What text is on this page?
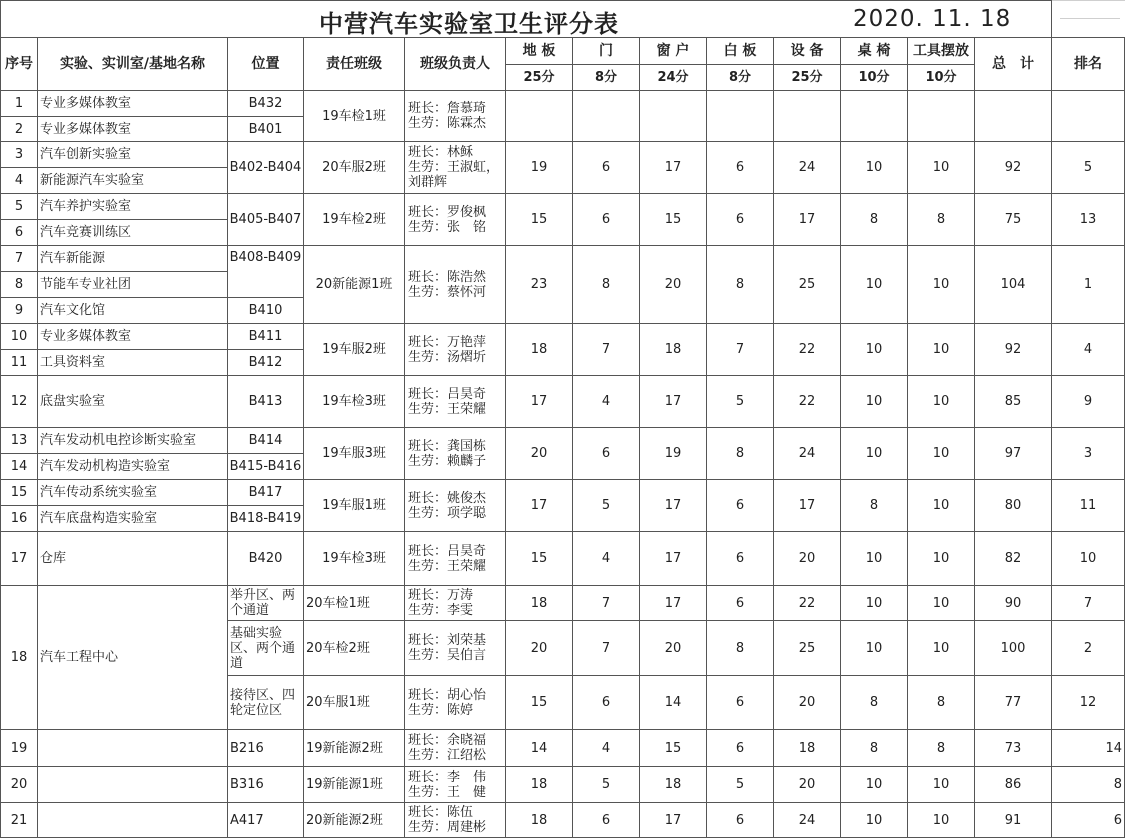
中营汽车实验室卫生评分表	2020. 11. 18
序号	实验、实训室/基地名称	位置	责任班级	班级负责人	地 板	门	窗 户	白 板	设 备	桌 椅	工具摆放	总　计	排名
					25分	8分	24分	8分	25分	10分	10分		
1	专业多媒体教室	B432	19车检1班	班长：詹慕琦
生劳：陈霖杰									
2	专业多媒体教室	B401											
3	汽车创新实验室	B402-B404	20车服2班	班长：林稣
生劳：王淑虹，刘群辉	19	6	17	6	24	10	10	92	5
4	新能源汽车实验室												
5	汽车养护实验室	B405-B407	19车检2班	班长：罗俊枫
生劳：张　铭	15	6	15	6	17	8	8	75	13
6	汽车竞赛训练区												
7	汽车新能源	B408-B409	20新能源1班	班长：陈浩然
生劳：蔡怀河	23	8	20	8	25	10	10	104	1
8	节能车专业社团												
9	汽车文化馆	B410											
10	专业多媒体教室	B411	19车服2班	班长：万艳萍
生劳：汤熠圻	18	7	18	7	22	10	10	92	4
11	工具资料室	B412											
12	底盘实验室	B413	19车检3班	班长：吕昊奇
生劳：王荣耀	17	4	17	5	22	10	10	85	9
13	汽车发动机电控诊断实验室	B414	19车服3班	班长：龚国栋
生劳：赖麟子	20	6	19	8	24	10	10	97	3
14	汽车发动机构造实验室	B415-B416											
15	汽车传动系统实验室	B417	19车服1班	班长：姚俊杰
生劳：项学聪	17	5	17	6	17	8	10	80	11
16	汽车底盘构造实验室	B418-B419											
17	仓库	B420	19车检3班	班长：吕昊奇
生劳：王荣耀	15	4	17	6	20	10	10	82	10
18	汽车工程中心	举升区、两个通道	20车检1班	班长：万涛
生劳：李雯	18	7	17	6	22	10	10	90	7
		基础实验区、两个通道	20车检2班	班长：刘荣基
生劳：吴伯言	20	7	20	8	25	10	10	100	2
		接待区、四轮定位区	20车服1班	班长：胡心怡
生劳：陈婷	15	6	14	6	20	8	8	77	12
19		B216	19新能源2班	班长：余晓福
生劳：江绍松	14	4	15	6	18	8	8	73	14
20		B316	19新能源1班	班长：李　伟
生劳：王　健	18	5	18	5	20	10	10	86	8
21		A417	20新能源2班	班长：陈伍
生劳：周建彬	18	6	17	6	24	10	10	91	6
